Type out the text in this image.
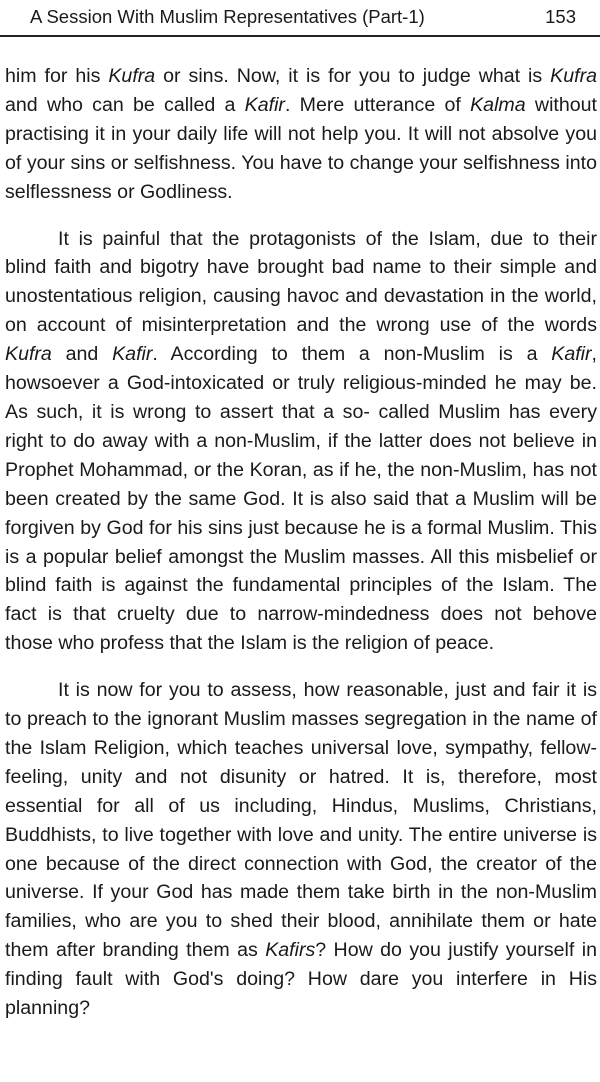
A Session With Muslim Representatives (Part-1)	153

him for his Kufra or sins. Now, it is for you to judge what is Kufra and who can be called a Kafir. Mere utterance of Kalma without practising it in your daily life will not help you. It will not absolve you of your sins or selfishness. You have to change your selfishness into selflessness or Godliness.

It is painful that the protagonists of the Islam, due to their blind faith and bigotry have brought bad name to their simple and unostentatious religion, causing havoc and devastation in the world, on account of misinterpretation and the wrong use of the words Kufra and Kafir. According to them a non-Muslim is a Kafir, howsoever a God-intoxicated or truly religious-minded he may be. As such, it is wrong to assert that a so- called Muslim has every right to do away with a non-Muslim, if the latter does not believe in Prophet Mohammad, or the Koran, as if he, the non-Muslim, has not been created by the same God. It is also said that a Muslim will be forgiven by God for his sins just because he is a formal Muslim. This is a popular belief amongst the Muslim masses. All this misbelief or blind faith is against the fundamental principles of the Islam. The fact is that cruelty due to narrow-mindedness does not behove those who profess that the Islam is the religion of peace.

It is now for you to assess, how reasonable, just and fair it is to preach to the ignorant Muslim masses segregation in the name of the Islam Religion, which teaches universal love, sympathy, fellow-feeling, unity and not disunity or hatred. It is, therefore, most essential for all of us including, Hindus, Muslims, Christians, Buddhists, to live together with love and unity. The entire universe is one because of the direct connection with God, the creator of the universe. If your God has made them take birth in the non-Muslim families, who are you to shed their blood, annihilate them or hate them after branding them as Kafirs? How do you justify yourself in finding fault with God's doing? How dare you interfere in His planning?
